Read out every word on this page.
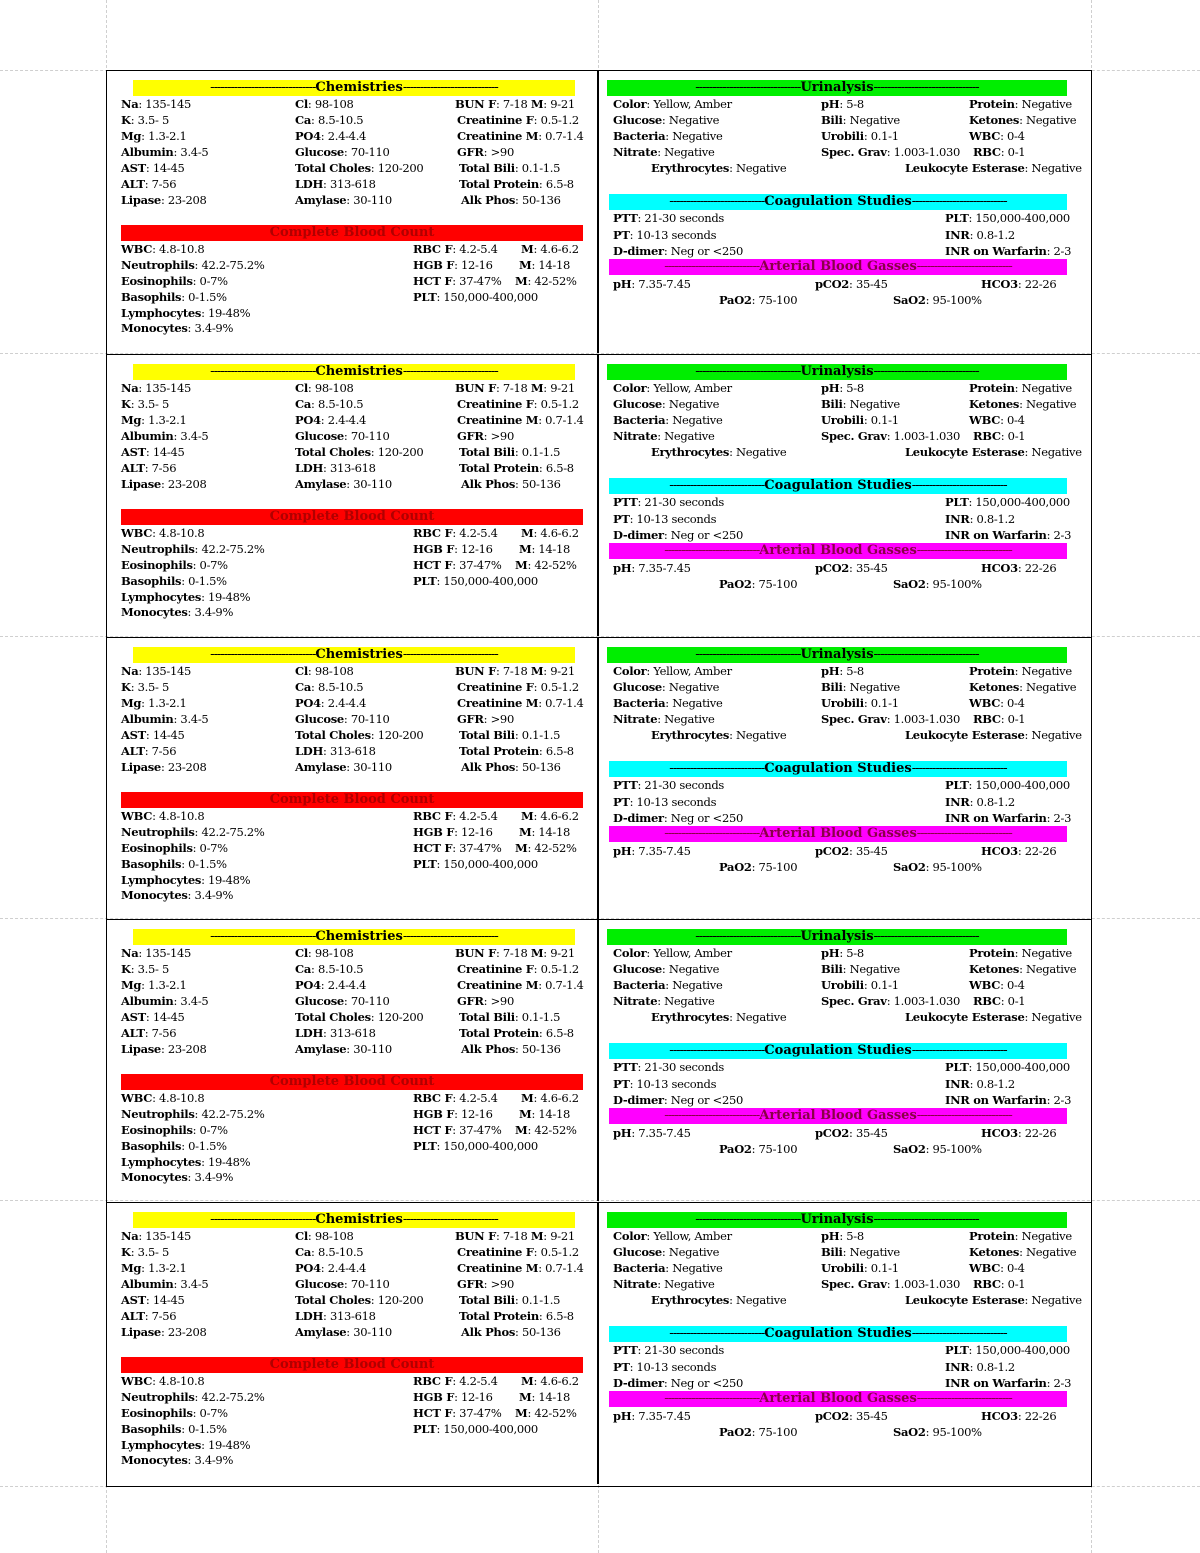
-------------------------------Chemistries----------------------------
Na: 135-145
K: 3.5- 5
Mg: 1.3-2.1
Albumin: 3.4-5
AST: 14-45
ALT: 7-56
Lipase: 23-208
Cl: 98-108
Ca: 8.5-10.5
PO4: 2.4-4.4
Glucose: 70-110
Total Choles: 120-200
LDH: 313-618
Amylase: 30-110
BUN F: 7-18 M: 9-21
Creatinine F: 0.5-1.2
Creatinine M: 0.7-1.4
GFR: >90
Total Bili: 0.1-1.5
Total Protein: 6.5-8
Alk Phos: 50-136
Complete Blood Count
WBC: 4.8-10.8
Neutrophils: 42.2-75.2%
Eosinophils: 0-7%
Basophils: 0-1.5%
Lymphocytes: 19-48%
Monocytes: 3.4-9%
RBC F: 4.2-5.4 M: 4.6-6.2
HGB F: 12-16 M: 14-18
HCT F: 37-47% M: 42-52%
PLT: 150,000-400,000
-------------------------------Urinalysis-------------------------------
Color: Yellow, Amber
Glucose: Negative
Bacteria: Negative
Nitrate: Negative
Erythrocytes: Negative
pH: 5-8
Bili: Negative
Urobili: 0.1-1
Spec. Grav: 1.003-1.030
Protein: Negative
Ketones: Negative
WBC: 0-4
RBC: 0-1
Leukocyte Esterase: Negative
----------------------------Coagulation Studies----------------------------
PTT: 21-30 seconds
PT: 10-13 seconds
D-dimer: Neg or <250
PLT: 150,000-400,000
INR: 0.8-1.2
INR on Warfarin: 2-3
----------------------------Arterial Blood Gasses----------------------------
pH: 7.35-7.45
PaO2: 75-100
pCO2: 35-45
SaO2: 95-100%
HCO3: 22-26
-------------------------------Chemistries----------------------------
Na: 135-145
K: 3.5- 5
Mg: 1.3-2.1
Albumin: 3.4-5
AST: 14-45
ALT: 7-56
Lipase: 23-208
Cl: 98-108
Ca: 8.5-10.5
PO4: 2.4-4.4
Glucose: 70-110
Total Choles: 120-200
LDH: 313-618
Amylase: 30-110
BUN F: 7-18 M: 9-21
Creatinine F: 0.5-1.2
Creatinine M: 0.7-1.4
GFR: >90
Total Bili: 0.1-1.5
Total Protein: 6.5-8
Alk Phos: 50-136
Complete Blood Count
WBC: 4.8-10.8
Neutrophils: 42.2-75.2%
Eosinophils: 0-7%
Basophils: 0-1.5%
Lymphocytes: 19-48%
Monocytes: 3.4-9%
RBC F: 4.2-5.4 M: 4.6-6.2
HGB F: 12-16 M: 14-18
HCT F: 37-47% M: 42-52%
PLT: 150,000-400,000
-------------------------------Urinalysis-------------------------------
Color: Yellow, Amber
Glucose: Negative
Bacteria: Negative
Nitrate: Negative
Erythrocytes: Negative
pH: 5-8
Bili: Negative
Urobili: 0.1-1
Spec. Grav: 1.003-1.030
Protein: Negative
Ketones: Negative
WBC: 0-4
RBC: 0-1
Leukocyte Esterase: Negative
----------------------------Coagulation Studies----------------------------
PTT: 21-30 seconds
PT: 10-13 seconds
D-dimer: Neg or <250
PLT: 150,000-400,000
INR: 0.8-1.2
INR on Warfarin: 2-3
----------------------------Arterial Blood Gasses----------------------------
pH: 7.35-7.45
PaO2: 75-100
pCO2: 35-45
SaO2: 95-100%
HCO3: 22-26
-------------------------------Chemistries----------------------------
Na: 135-145
K: 3.5- 5
Mg: 1.3-2.1
Albumin: 3.4-5
AST: 14-45
ALT: 7-56
Lipase: 23-208
Cl: 98-108
Ca: 8.5-10.5
PO4: 2.4-4.4
Glucose: 70-110
Total Choles: 120-200
LDH: 313-618
Amylase: 30-110
BUN F: 7-18 M: 9-21
Creatinine F: 0.5-1.2
Creatinine M: 0.7-1.4
GFR: >90
Total Bili: 0.1-1.5
Total Protein: 6.5-8
Alk Phos: 50-136
Complete Blood Count
WBC: 4.8-10.8
Neutrophils: 42.2-75.2%
Eosinophils: 0-7%
Basophils: 0-1.5%
Lymphocytes: 19-48%
Monocytes: 3.4-9%
RBC F: 4.2-5.4 M: 4.6-6.2
HGB F: 12-16 M: 14-18
HCT F: 37-47% M: 42-52%
PLT: 150,000-400,000
-------------------------------Urinalysis-------------------------------
Color: Yellow, Amber
Glucose: Negative
Bacteria: Negative
Nitrate: Negative
Erythrocytes: Negative
pH: 5-8
Bili: Negative
Urobili: 0.1-1
Spec. Grav: 1.003-1.030
Protein: Negative
Ketones: Negative
WBC: 0-4
RBC: 0-1
Leukocyte Esterase: Negative
----------------------------Coagulation Studies----------------------------
PTT: 21-30 seconds
PT: 10-13 seconds
D-dimer: Neg or <250
PLT: 150,000-400,000
INR: 0.8-1.2
INR on Warfarin: 2-3
----------------------------Arterial Blood Gasses----------------------------
pH: 7.35-7.45
PaO2: 75-100
pCO2: 35-45
SaO2: 95-100%
HCO3: 22-26
-------------------------------Chemistries----------------------------
Na: 135-145
K: 3.5- 5
Mg: 1.3-2.1
Albumin: 3.4-5
AST: 14-45
ALT: 7-56
Lipase: 23-208
Cl: 98-108
Ca: 8.5-10.5
PO4: 2.4-4.4
Glucose: 70-110
Total Choles: 120-200
LDH: 313-618
Amylase: 30-110
BUN F: 7-18 M: 9-21
Creatinine F: 0.5-1.2
Creatinine M: 0.7-1.4
GFR: >90
Total Bili: 0.1-1.5
Total Protein: 6.5-8
Alk Phos: 50-136
Complete Blood Count
WBC: 4.8-10.8
Neutrophils: 42.2-75.2%
Eosinophils: 0-7%
Basophils: 0-1.5%
Lymphocytes: 19-48%
Monocytes: 3.4-9%
RBC F: 4.2-5.4 M: 4.6-6.2
HGB F: 12-16 M: 14-18
HCT F: 37-47% M: 42-52%
PLT: 150,000-400,000
-------------------------------Urinalysis-------------------------------
Color: Yellow, Amber
Glucose: Negative
Bacteria: Negative
Nitrate: Negative
Erythrocytes: Negative
pH: 5-8
Bili: Negative
Urobili: 0.1-1
Spec. Grav: 1.003-1.030
Protein: Negative
Ketones: Negative
WBC: 0-4
RBC: 0-1
Leukocyte Esterase: Negative
----------------------------Coagulation Studies----------------------------
PTT: 21-30 seconds
PT: 10-13 seconds
D-dimer: Neg or <250
PLT: 150,000-400,000
INR: 0.8-1.2
INR on Warfarin: 2-3
----------------------------Arterial Blood Gasses----------------------------
pH: 7.35-7.45
PaO2: 75-100
pCO2: 35-45
SaO2: 95-100%
HCO3: 22-26
-------------------------------Chemistries----------------------------
Na: 135-145
K: 3.5- 5
Mg: 1.3-2.1
Albumin: 3.4-5
AST: 14-45
ALT: 7-56
Lipase: 23-208
Cl: 98-108
Ca: 8.5-10.5
PO4: 2.4-4.4
Glucose: 70-110
Total Choles: 120-200
LDH: 313-618
Amylase: 30-110
BUN F: 7-18 M: 9-21
Creatinine F: 0.5-1.2
Creatinine M: 0.7-1.4
GFR: >90
Total Bili: 0.1-1.5
Total Protein: 6.5-8
Alk Phos: 50-136
Complete Blood Count
WBC: 4.8-10.8
Neutrophils: 42.2-75.2%
Eosinophils: 0-7%
Basophils: 0-1.5%
Lymphocytes: 19-48%
Monocytes: 3.4-9%
RBC F: 4.2-5.4 M: 4.6-6.2
HGB F: 12-16 M: 14-18
HCT F: 37-47% M: 42-52%
PLT: 150,000-400,000
-------------------------------Urinalysis-------------------------------
Color: Yellow, Amber
Glucose: Negative
Bacteria: Negative
Nitrate: Negative
Erythrocytes: Negative
pH: 5-8
Bili: Negative
Urobili: 0.1-1
Spec. Grav: 1.003-1.030
Protein: Negative
Ketones: Negative
WBC: 0-4
RBC: 0-1
Leukocyte Esterase: Negative
----------------------------Coagulation Studies----------------------------
PTT: 21-30 seconds
PT: 10-13 seconds
D-dimer: Neg or <250
PLT: 150,000-400,000
INR: 0.8-1.2
INR on Warfarin: 2-3
----------------------------Arterial Blood Gasses----------------------------
pH: 7.35-7.45
PaO2: 75-100
pCO2: 35-45
SaO2: 95-100%
HCO3: 22-26
